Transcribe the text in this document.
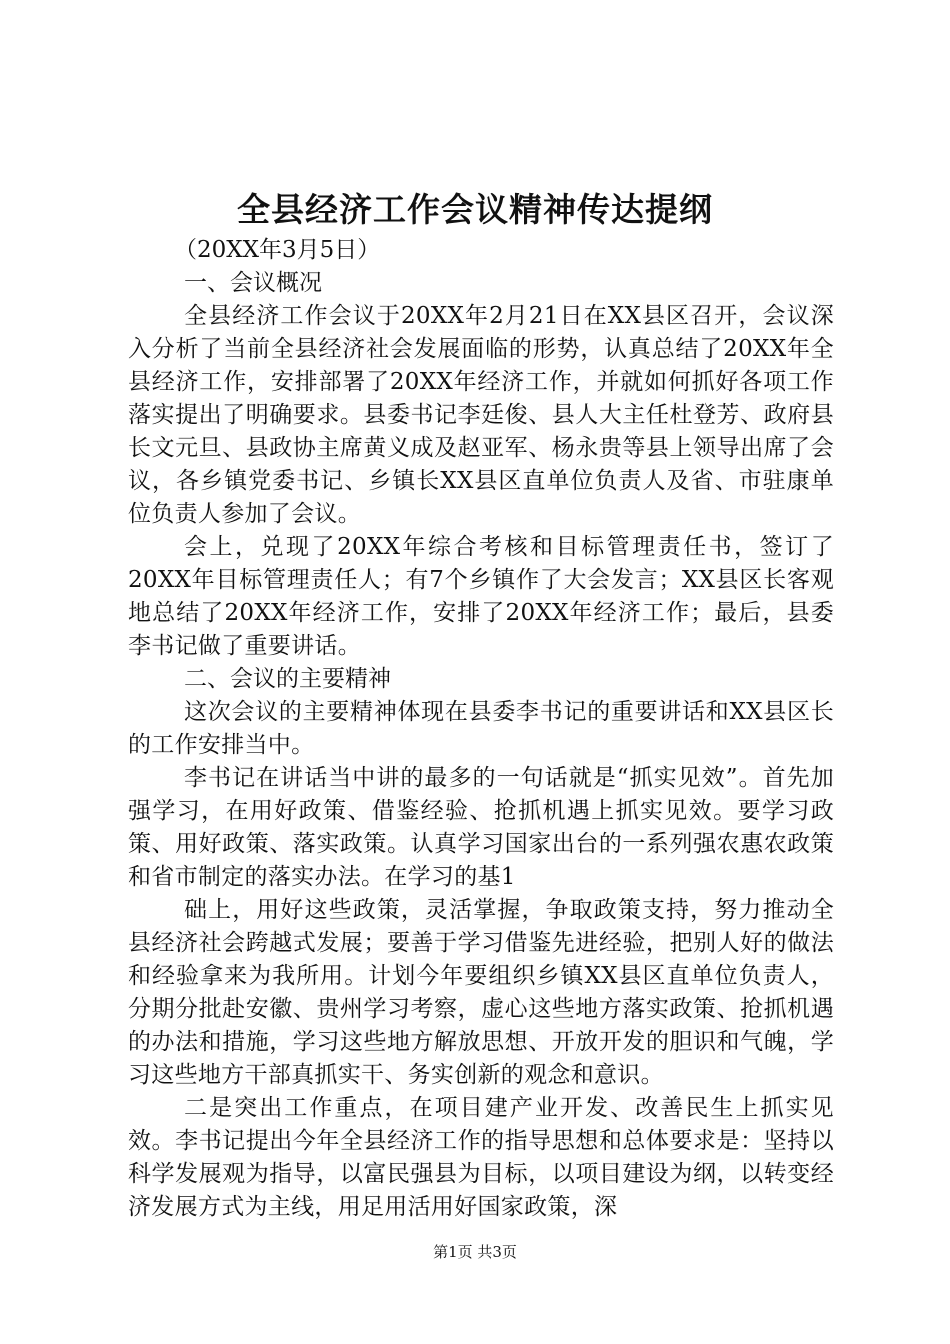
全县经济工作会议精神传达提纲

（20XX年3月5日）

一、会议概况

全县经济工作会议于20XX年2月21日在XX县区召开，会议深入分析了当前全县经济社会发展面临的形势，认真总结了20XX年全县经济工作，安排部署了20XX年经济工作，并就如何抓好各项工作落实提出了明确要求。县委书记李廷俊、县人大主任杜登芳、政府县长文元旦、县政协主席黄义成及赵亚军、杨永贵等县上领导出席了会议，各乡镇党委书记、乡镇长XX县区直单位负责人及省、市驻康单位负责人参加了会议。

会上，兑现了20XX年综合考核和目标管理责任书，签订了20XX年目标管理责任人；有7个乡镇作了大会发言；XX县区长客观地总结了20XX年经济工作，安排了20XX年经济工作；最后，县委李书记做了重要讲话。

二、会议的主要精神

这次会议的主要精神体现在县委李书记的重要讲话和XX县区长的工作安排当中。

李书记在讲话当中讲的最多的一句话就是“抓实见效”。首先加强学习，在用好政策、借鉴经验、抢抓机遇上抓实见效。要学习政策、用好政策、落实政策。认真学习国家出台的一系列强农惠农政策和省市制定的落实办法。在学习的基1

础上，用好这些政策，灵活掌握，争取政策支持，努力推动全县经济社会跨越式发展；要善于学习借鉴先进经验，把别人好的做法和经验拿来为我所用。计划今年要组织乡镇XX县区直单位负责人，分期分批赴安徽、贵州学习考察，虚心这些地方落实政策、抢抓机遇的办法和措施，学习这些地方解放思想、开放开发的胆识和气魄，学习这些地方干部真抓实干、务实创新的观念和意识。

二是突出工作重点，在项目建产业开发、改善民生上抓实见效。李书记提出今年全县经济工作的指导思想和总体要求是：坚持以科学发展观为指导，以富民强县为目标，以项目建设为纲，以转变经济发展方式为主线，用足用活用好国家政策，深

第1页 共3页
